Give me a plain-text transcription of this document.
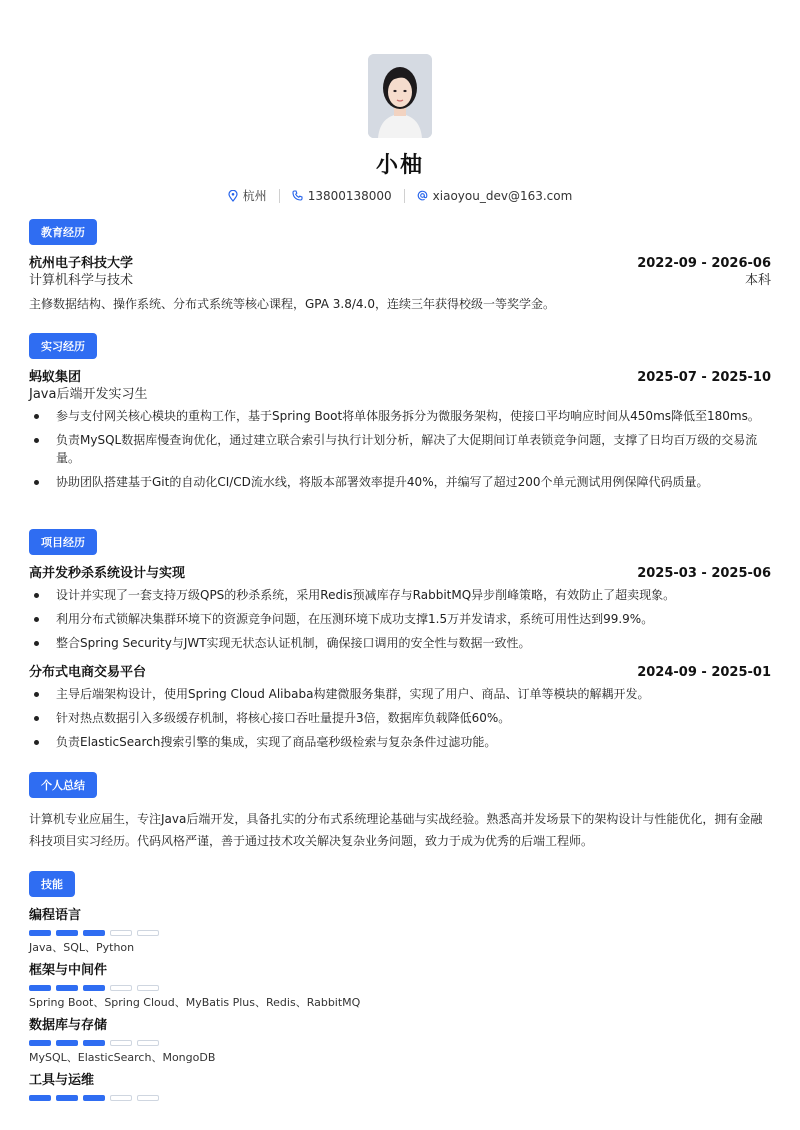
小柚
杭州	13800138000	xiaoyou_dev@163.com
教育经历
杭州电子科技大学	2022-09 - 2026-06
计算机科学与技术	本科
主修数据结构、操作系统、分布式系统等核心课程，GPA 3.8/4.0，连续三年获得校级一等奖学金。
实习经历
蚂蚁集团	2025-07 - 2025-10
Java后端开发实习生
参与支付网关核心模块的重构工作，基于Spring Boot将单体服务拆分为微服务架构，使接口平均响应时间从450ms降低至180ms。
负责MySQL数据库慢查询优化，通过建立联合索引与执行计划分析，解决了大促期间订单表锁竞争问题，支撑了日均百万级的交易流量。
协助团队搭建基于Git的自动化CI/CD流水线，将版本部署效率提升40%，并编写了超过200个单元测试用例保障代码质量。
项目经历
高并发秒杀系统设计与实现	2025-03 - 2025-06
设计并实现了一套支持万级QPS的秒杀系统，采用Redis预减库存与RabbitMQ异步削峰策略，有效防止了超卖现象。
利用分布式锁解决集群环境下的资源竞争问题，在压测环境下成功支撑1.5万并发请求，系统可用性达到99.9%。
整合Spring Security与JWT实现无状态认证机制，确保接口调用的安全性与数据一致性。
分布式电商交易平台	2024-09 - 2025-01
主导后端架构设计，使用Spring Cloud Alibaba构建微服务集群，实现了用户、商品、订单等模块的解耦开发。
针对热点数据引入多级缓存机制，将核心接口吞吐量提升3倍，数据库负载降低60%。
负责ElasticSearch搜索引擎的集成，实现了商品毫秒级检索与复杂条件过滤功能。
个人总结
计算机专业应届生，专注Java后端开发，具备扎实的分布式系统理论基础与实战经验。熟悉高并发场景下的架构设计与性能优化，拥有金融科技项目实习经历。代码风格严谨，善于通过技术攻关解决复杂业务问题，致力于成为优秀的后端工程师。
技能
编程语言
Java、SQL、Python
框架与中间件
Spring Boot、Spring Cloud、MyBatis Plus、Redis、RabbitMQ
数据库与存储
MySQL、ElasticSearch、MongoDB
工具与运维
